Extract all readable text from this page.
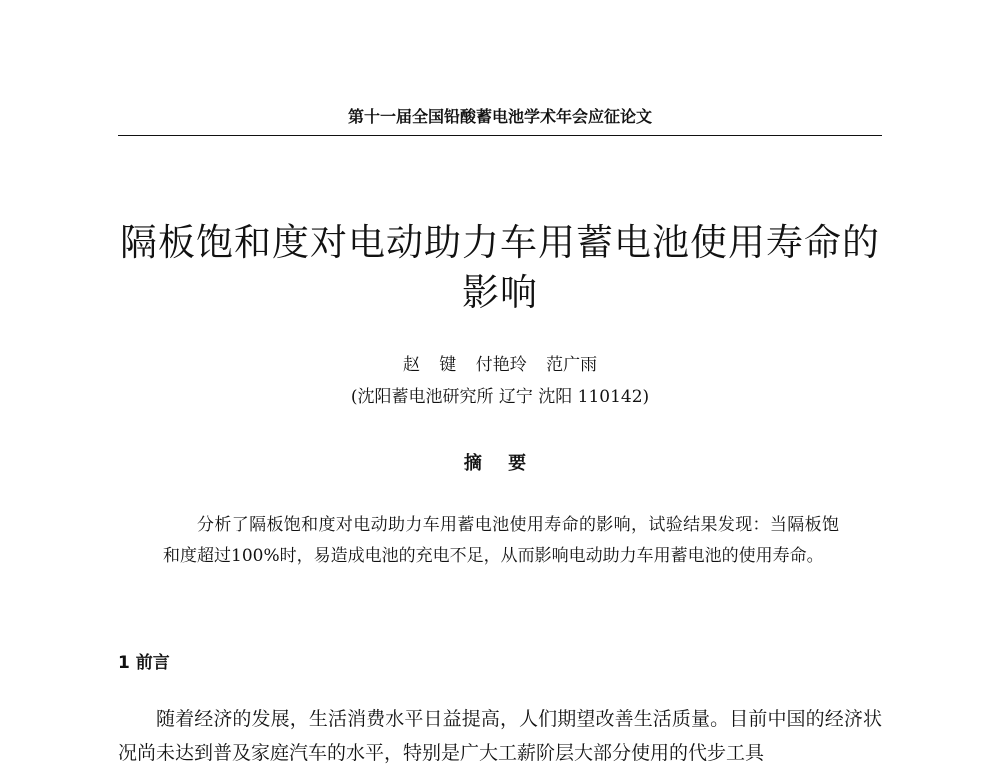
第十一届全国铅酸蓄电池学术年会应征论文
隔板饱和度对电动助力车用蓄电池使用寿命的影响
赵 键 付艳玲 范广雨
(沈阳蓄电池研究所 辽宁 沈阳 110142)
摘 要

分析了隔板饱和度对电动助力车用蓄电池使用寿命的影响，试验结果发现：当隔板饱和度超过100%时，易造成电池的充电不足，从而影响电动助力车用蓄电池的使用寿命。

1 前言

随着经济的发展，生活消费水平日益提高，人们期望改善生活质量。目前中国的经济状况尚未达到普及家庭汽车的水平，特别是广大工薪阶层大部分使用的代步工具
